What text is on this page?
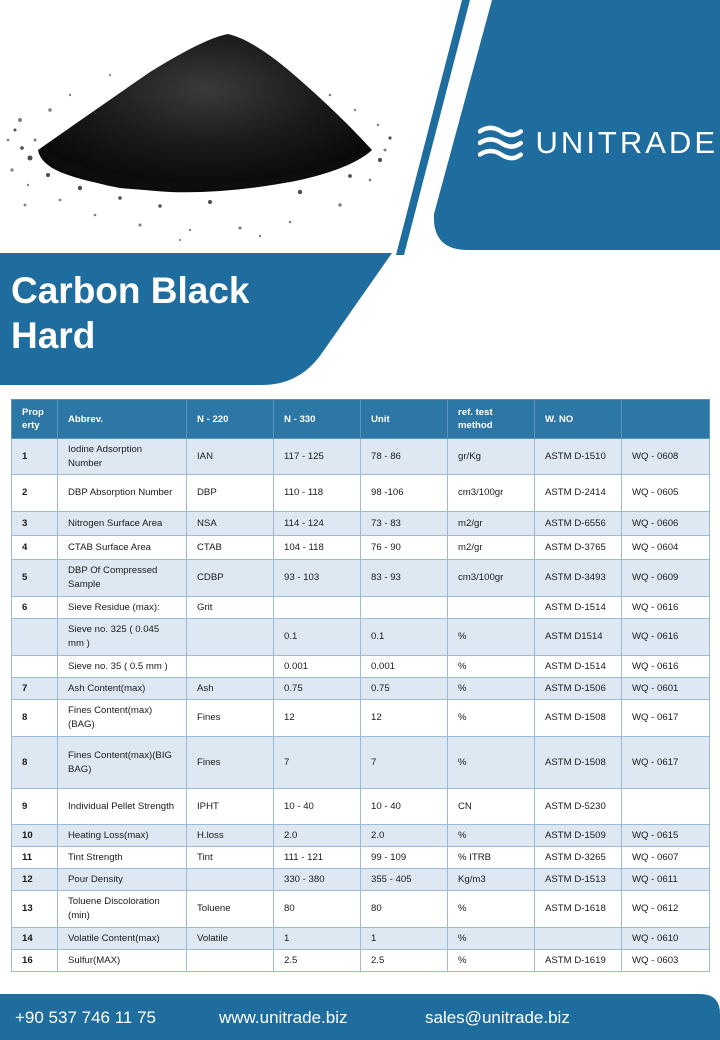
UNITRADE
Carbon Black
Hard
Prop erty	Abbrev.	N - 220	N - 330	Unit	ref. test method	W. NO	
1	Iodine Adsorption Number	IAN	117 - 125	78 - 86	gr/Kg	ASTM D-1510	WQ - 0608
2	DBP Absorption Number	DBP	110 - 118	98 -106	cm3/100gr	ASTM D-2414	WQ - 0605
3	Nitrogen Surface Area	NSA	114 - 124	73 - 83	m2/gr	ASTM D-6556	WQ - 0606
4	CTAB Surface Area	CTAB	104 - 118	76 - 90	m2/gr	ASTM D-3765	WQ - 0604
5	DBP Of Compressed Sample	CDBP	93 - 103	83 - 93	cm3/100gr	ASTM D-3493	WQ - 0609
6	Sieve Residue (max):	Grit				ASTM D-1514	WQ - 0616
	Sieve no. 325 ( 0.045 mm )		0.1	0.1	%	ASTM D1514	WQ - 0616
	Sieve no. 35 ( 0.5 mm )		0.001	0.001	%	ASTM D-1514	WQ - 0616
7	Ash Content(max)	Ash	0.75	0.75	%	ASTM D-1506	WQ - 0601
8	Fines Content(max) (BAG)	Fines	12	12	%	ASTM D-1508	WQ - 0617
8	Fines Content(max)(BIG BAG)	Fines	7	7	%	ASTM D-1508	WQ - 0617
9	Individual Pellet Strength	IPHT	10 - 40	10 - 40	CN	ASTM D-5230	
10	Heating Loss(max)	H.loss	2.0	2.0	%	ASTM D-1509	WQ - 0615
11	Tint Strength	Tint	111 - 121	99 - 109	% ITRB	ASTM D-3265	WQ - 0607
12	Pour Density		330 - 380	355 - 405	Kg/m3	ASTM D-1513	WQ - 0611
13	Toluene Discoloration (min)	Toluene	80	80	%	ASTM D-1618	WQ - 0612
14	Volatile Content(max)	Volatile	1	1	%		WQ - 0610
16	Sulfur(MAX)		2.5	2.5	%	ASTM D-1619	WQ - 0603
+90 537 746 11 75	www.unitrade.biz	sales@unitrade.biz
